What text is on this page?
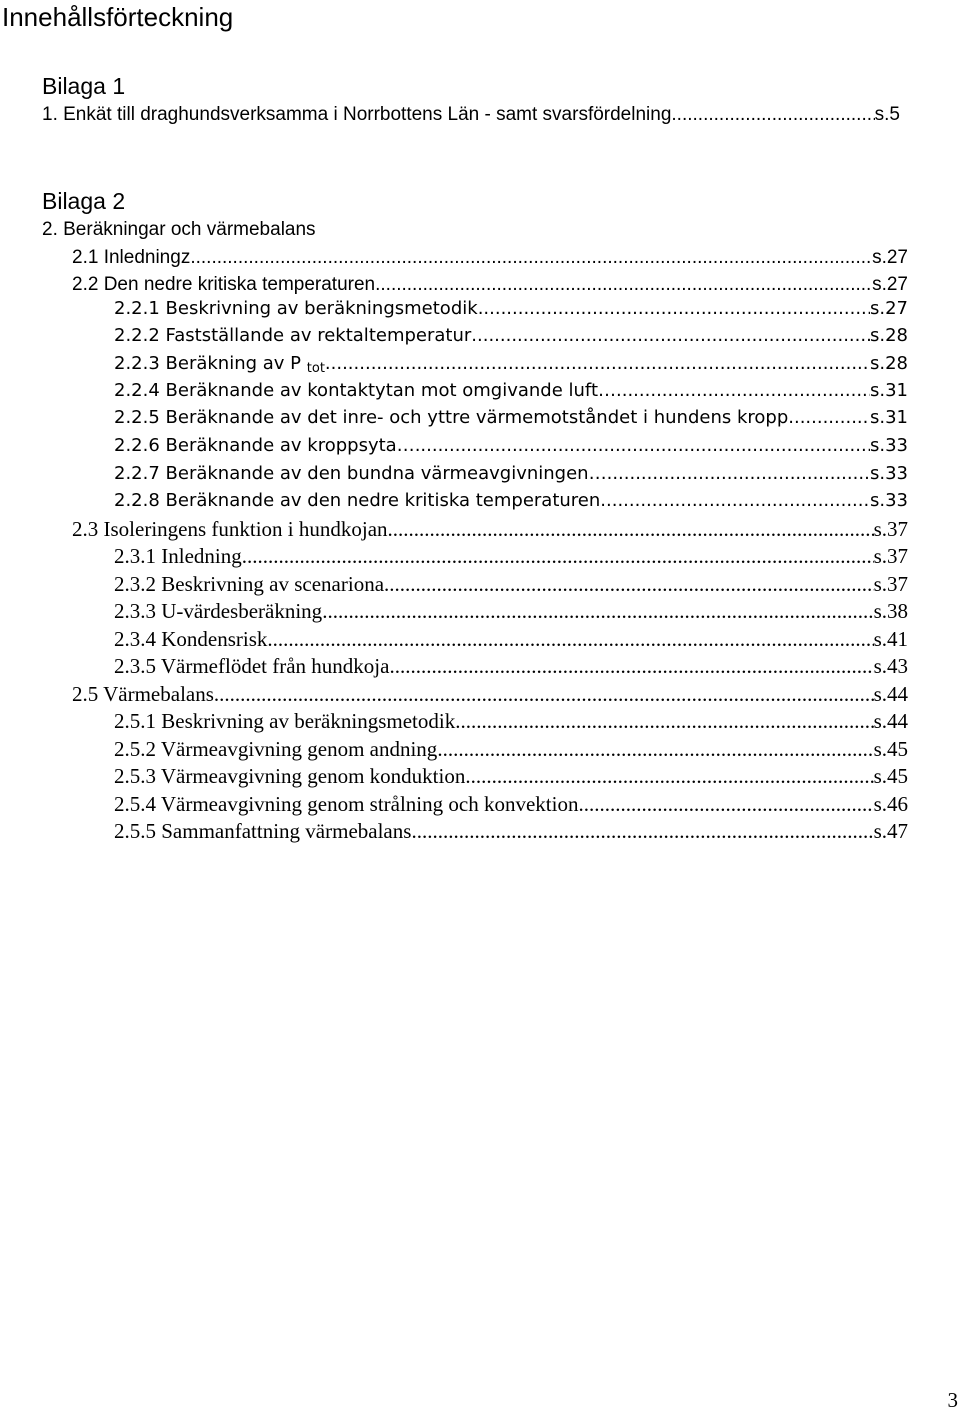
Innehållsförteckning
Bilaga 1
1. Enkät till draghundsverksamma i Norrbottens Län - samt svarsfördelning .....	s.5
Bilaga 2
2. Beräkningar och värmebalans
2.1 Inledningz .....	s.27
2.2 Den nedre kritiska temperaturen .....	s.27
2.2.1 Beskrivning av beräkningsmetodik .....	s.27
2.2.2 Fastställande av rektaltemperatur .....	s.28
2.2.3 Beräkning av P $_{tot}$ .....	s.28
2.2.4 Beräknande av kontaktytan mot omgivande luft… .....	s.31
2.2.5 Beräknande av det inre- och yttre värmemotståndet i hundens kropp .....	s.31
2.2.6 Beräknande av kroppsyta… .....	s.33
2.2.7 Beräknande av den bundna värmeavgivningen… .....	s.33
2.2.8 Beräknande av den nedre kritiska temperaturen .....	s.33
2.3 Isoleringens funktion i hundkojan .....	s.37
2.3.1 Inledning .....	s.37
2.3.2 Beskrivning av scenariona .....	s.37
2.3.3 U-värdesberäkning .....	s.38
2.3.4 Kondensrisk .....	s.41
2.3.5 Värmeflödet från hundkoja .....	s.43
2.5 Värmebalans .....	s.44
2.5.1 Beskrivning av beräkningsmetodik .....	s.44
2.5.2 Värmeavgivning genom andning .....	s.45
2.5.3 Värmeavgivning genom konduktion .....	s.45
2.5.4 Värmeavgivning genom strålning och konvektion .....	s.46
2.5.5 Sammanfattning värmebalans .....	s.47
3
